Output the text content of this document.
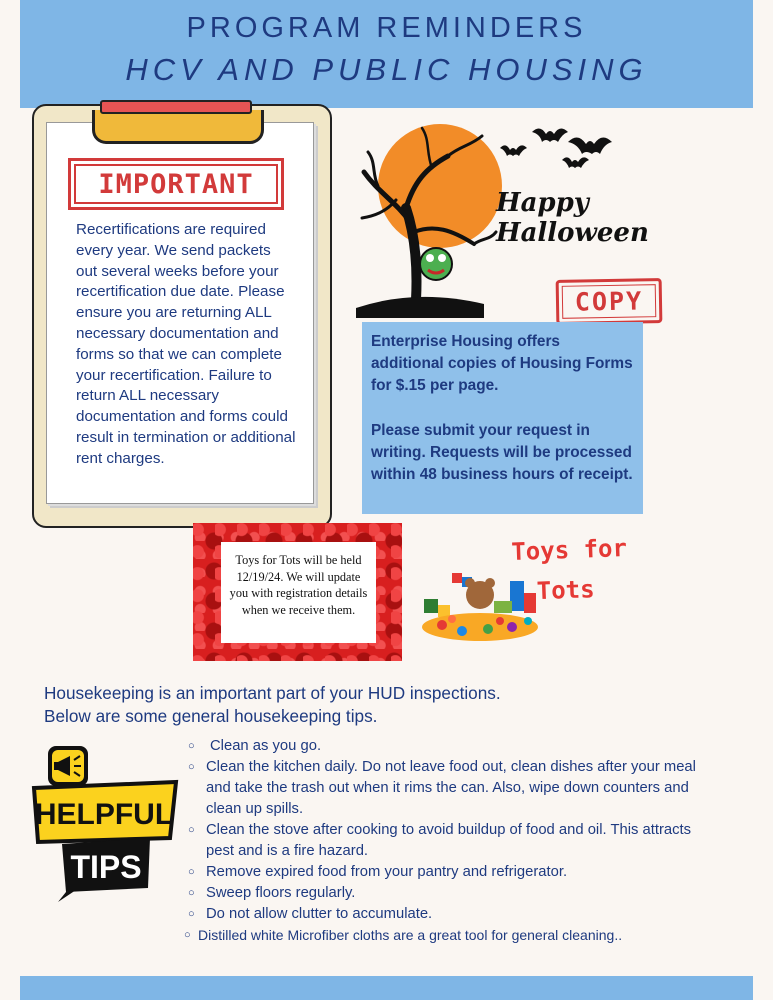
PROGRAM REMINDERS
HCV AND PUBLIC HOUSING
IMPORTANT
Recertifications are required every year. We send packets out several weeks before your recertification due date. Please ensure you are returning ALL necessary documentation and forms so that we can complete your recertification. Failure to return ALL necessary documentation and forms could result in termination or additional rent charges.
Happy
Halloween
COPY

Enterprise Housing offers additional copies of Housing Forms for $.15 per page.

Please submit your request in writing. Requests will be processed within 48 business hours of receipt.

Toys for Tots will be held 12/19/24. We will update you with registration details when we receive them.
Toys for
Tots
Housekeeping is an important part of your HUD inspections.
Below are some general housekeeping tips.
HELPFUL
TIPS
○ Clean as you go.
○ Clean the kitchen daily. Do not leave food out, clean dishes after your meal and take the trash out when it rims the can. Also, wipe down counters and clean up spills.
○ Clean the stove after cooking to avoid buildup of food and oil. This attracts pest and is a fire hazard.
○ Remove expired food from your pantry and refrigerator.
○ Sweep floors regularly.
○ Do not allow clutter to accumulate.
○ Distilled white Microfiber cloths are a great tool for general cleaning..
